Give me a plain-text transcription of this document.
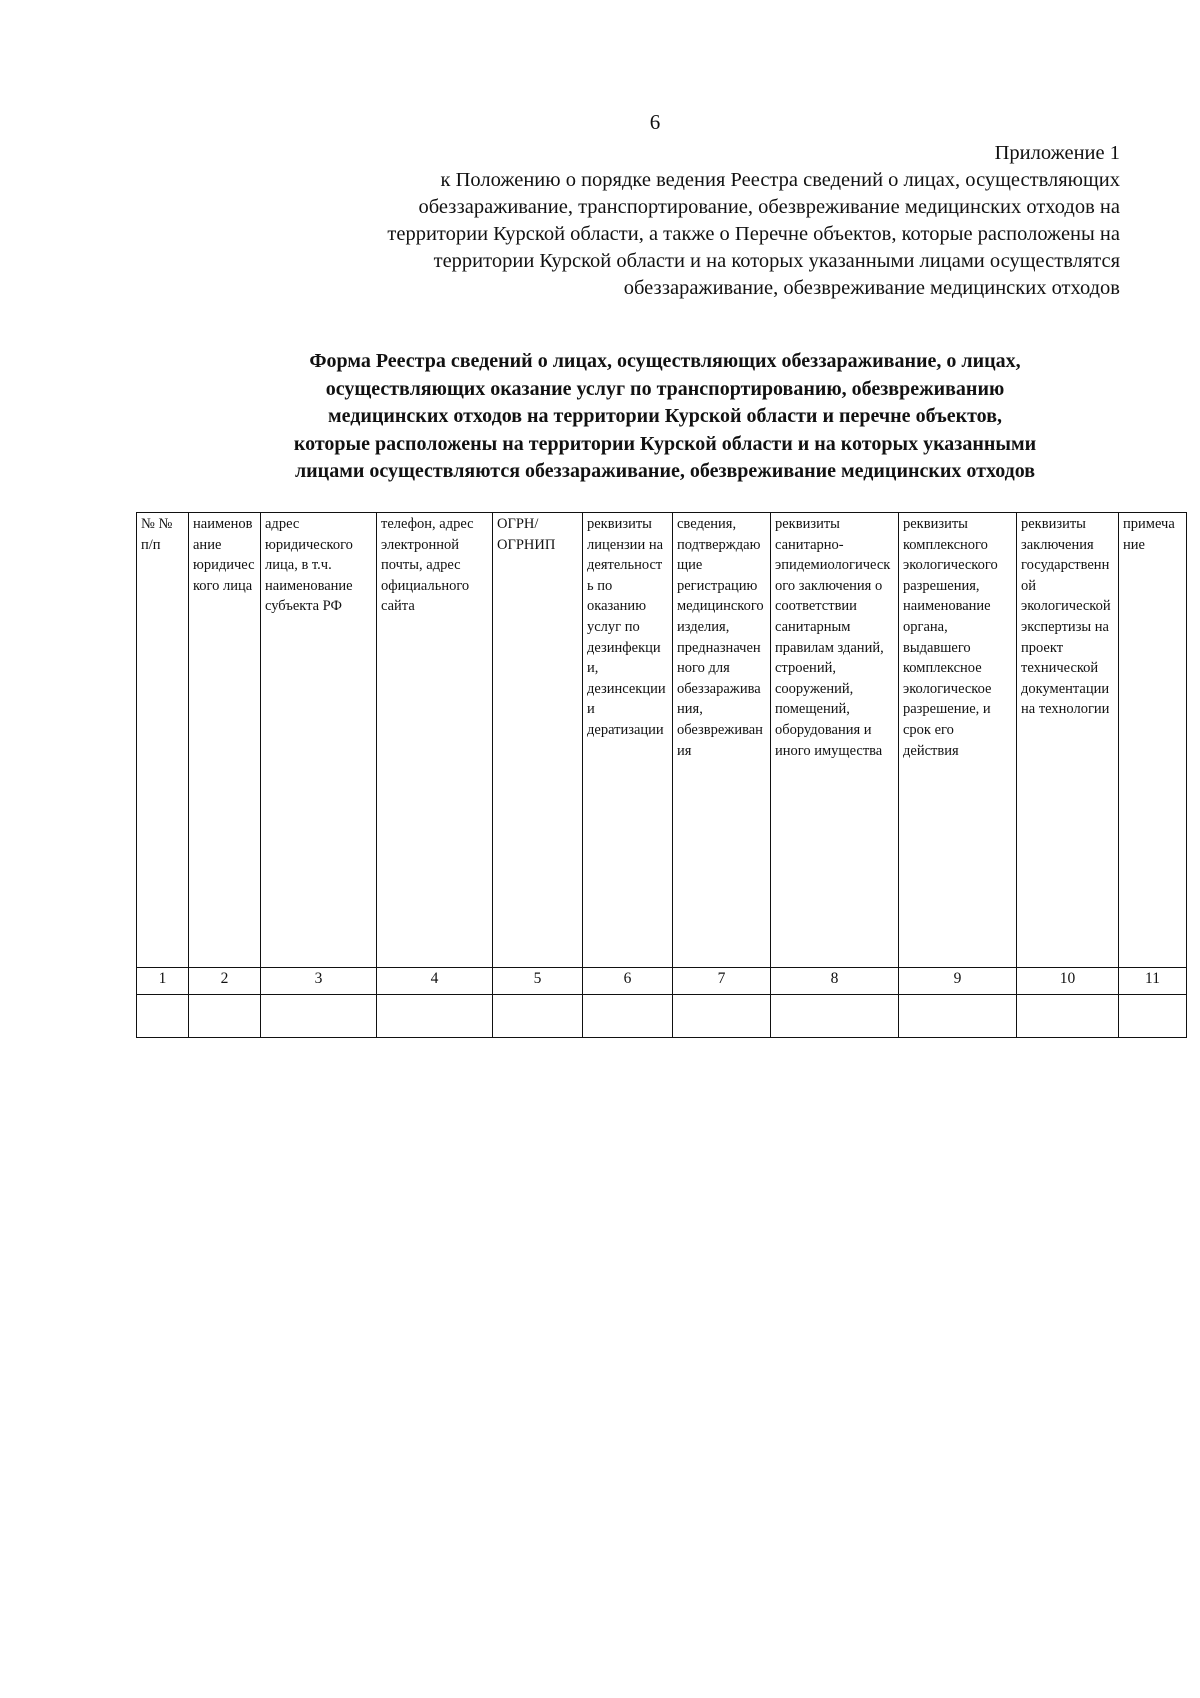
6
Приложение 1
к Положению о порядке ведения Реестра сведений о лицах, осуществляющих
обеззараживание, транспортирование, обезвреживание медицинских отходов на
территории Курской области, а также о Перечне объектов, которые расположены на
территории Курской области и на которых указанными лицами осуществлятся
обеззараживание, обезвреживание медицинских отходов
Форма Реестра сведений о лицах, осуществляющих обеззараживание, о лицах,
осуществляющих оказание услуг по транспортированию, обезвреживанию
медицинских отходов на территории Курской области и перечне объектов,
которые расположены на территории Курской области и на которых указанными
лицами осуществляются обеззараживание, обезвреживание медицинских отходов
№ № п/п	наименование юридического лица	адрес юридического лица, в т.ч. наименование субъекта РФ	телефон, адрес электронной почты, адрес официального сайта	ОГРН/ ОГРНИП	реквизиты лицензии на деятельность по оказанию услуг по дезинфекции, дезинсекции и дератизации	сведения, подтверждающие регистрацию медицинского изделия, предназначенного для обеззараживания, обезвреживания	реквизиты санитарно-эпидемиологического заключения о соответствии санитарным правилам зданий, строений, сооружений, помещений, оборудования и иного имущества	реквизиты комплексного экологического разрешения, наименование органа, выдавшего комплексное экологическое разрешение, и срок его действия	реквизиты заключения государственной экологической экспертизы на проект технической документации на технологии	примечание
1	2	3	4	5	6	7	8	9	10	11
